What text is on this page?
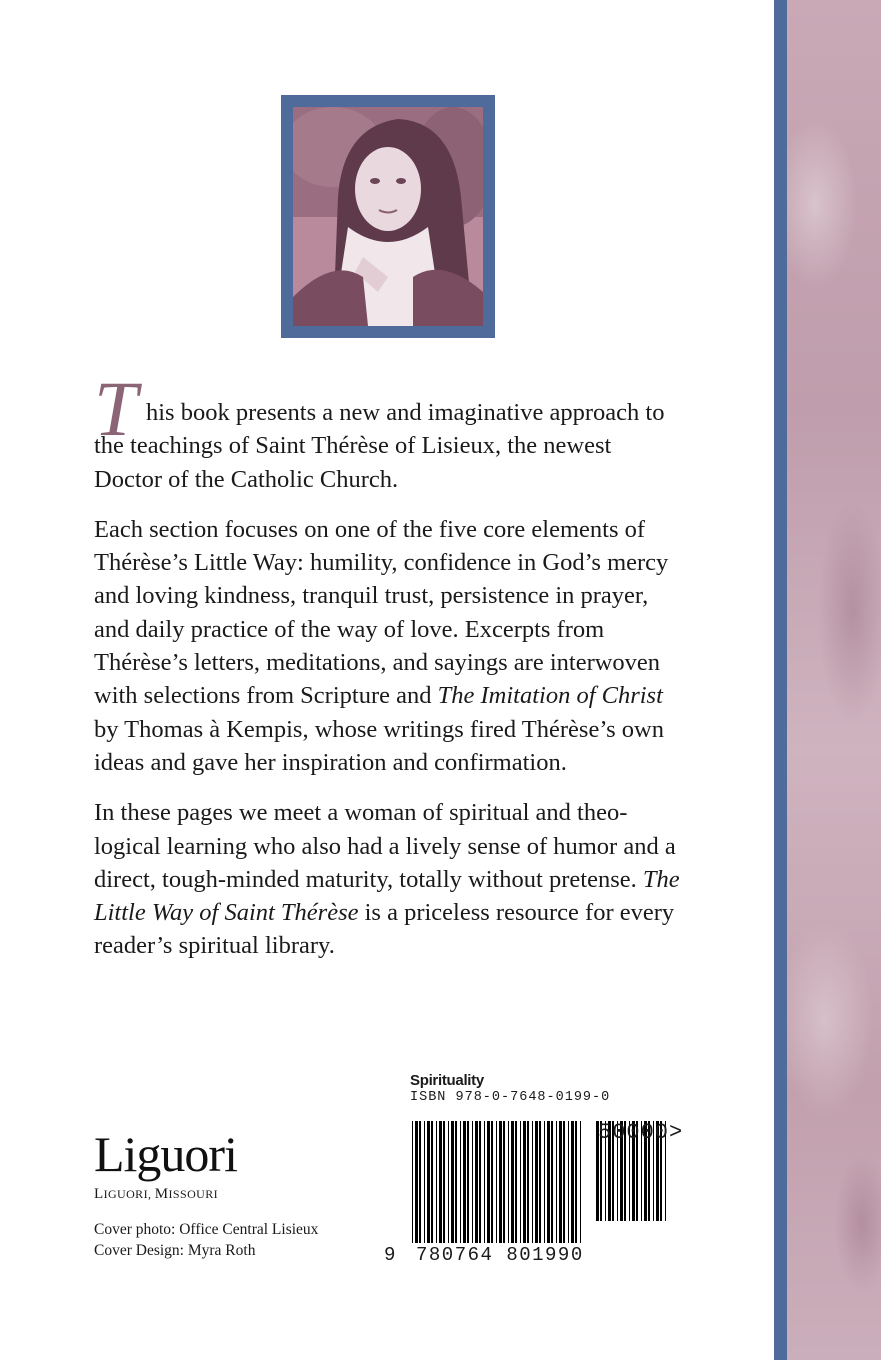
T his book presents a new and imaginative approach to the teachings of Saint Thérèse of Lisieux, the newest Doctor of the Catholic Church.

Each section focuses on one of the five core elements of Thérèse’s Little Way: humility, confidence in God’s mercy and loving kindness, tranquil trust, persistence in prayer, and daily practice of the way of love. Excerpts from Thérèse’s letters, meditations, and sayings are interwoven with selections from Scripture and The Imitation of Christ by Thomas à Kempis, whose writings fired Thérèse’s own ideas and gave her inspiration and confirmation.

In these pages we meet a woman of spiritual and theo-logical learning who also had a lively sense of humor and a direct, tough-minded maturity, totally without pretense. The Little Way of Saint Thérèse is a priceless resource for every reader’s spiritual library.

Liguori
LIGUORI, MISSOURI
Cover photo: Office Central Lisieux
Cover Design: Myra Roth
Spirituality
ISBN 978-0-7648-0199-0
50000>
9 780764 801990
